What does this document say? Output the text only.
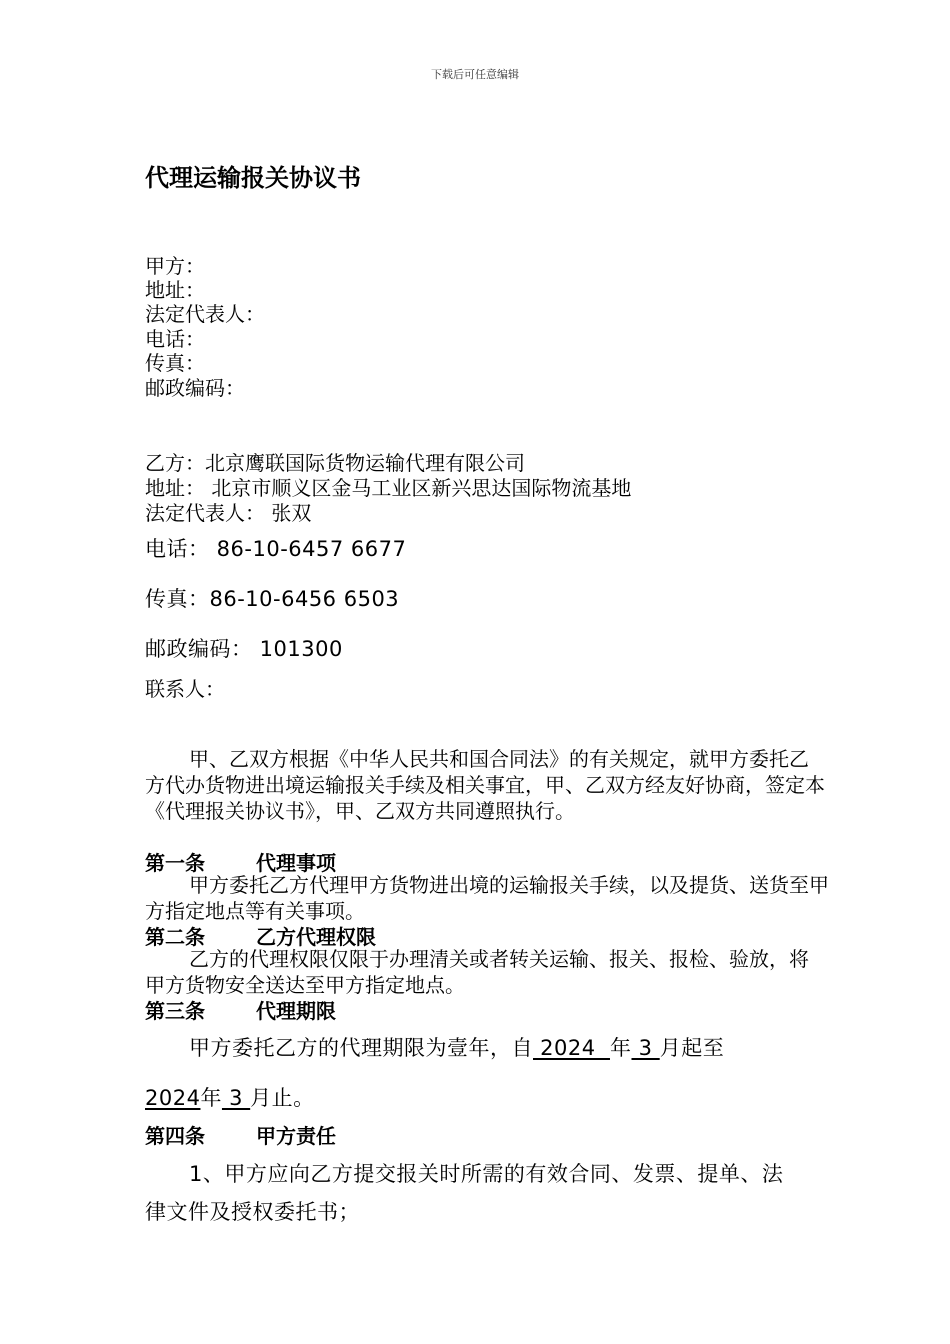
下载后可任意编辑
代理运输报关协议书
甲方：
地址：
法定代表人：
电话：
传真：
邮政编码：
乙方：北京鹰联国际货物运输代理有限公司
地址： 北京市顺义区金马工业区新兴思达国际物流基地
法定代表人： 张双
电话： 86-10-6457 6677
传真：86-10-6456 6503
邮政编码： 101300
联系人：
甲、乙双方根据《中华人民共和国合同法》的有关规定，就甲方委托乙方代办货物进出境运输报关手续及相关事宜，甲、乙双方经友好协商，签定本《代理报关协议书》，甲、乙双方共同遵照执行。
第一条	代理事项
甲方委托乙方代理甲方货物进出境的运输报关手续，以及提货、送货至甲方指定地点等有关事项。
第二条	乙方代理权限
乙方的代理权限仅限于办理清关或者转关运输、报关、报检、验放，将甲方货物安全送达至甲方指定地点。
第三条	代理期限
甲方委托乙方的代理期限为壹年，自 2024  年 3 月起至
2024年 3 月止。
第四条	甲方责任
1、甲方应向乙方提交报关时所需的有效合同、发票、提单、法
律文件及授权委托书；
